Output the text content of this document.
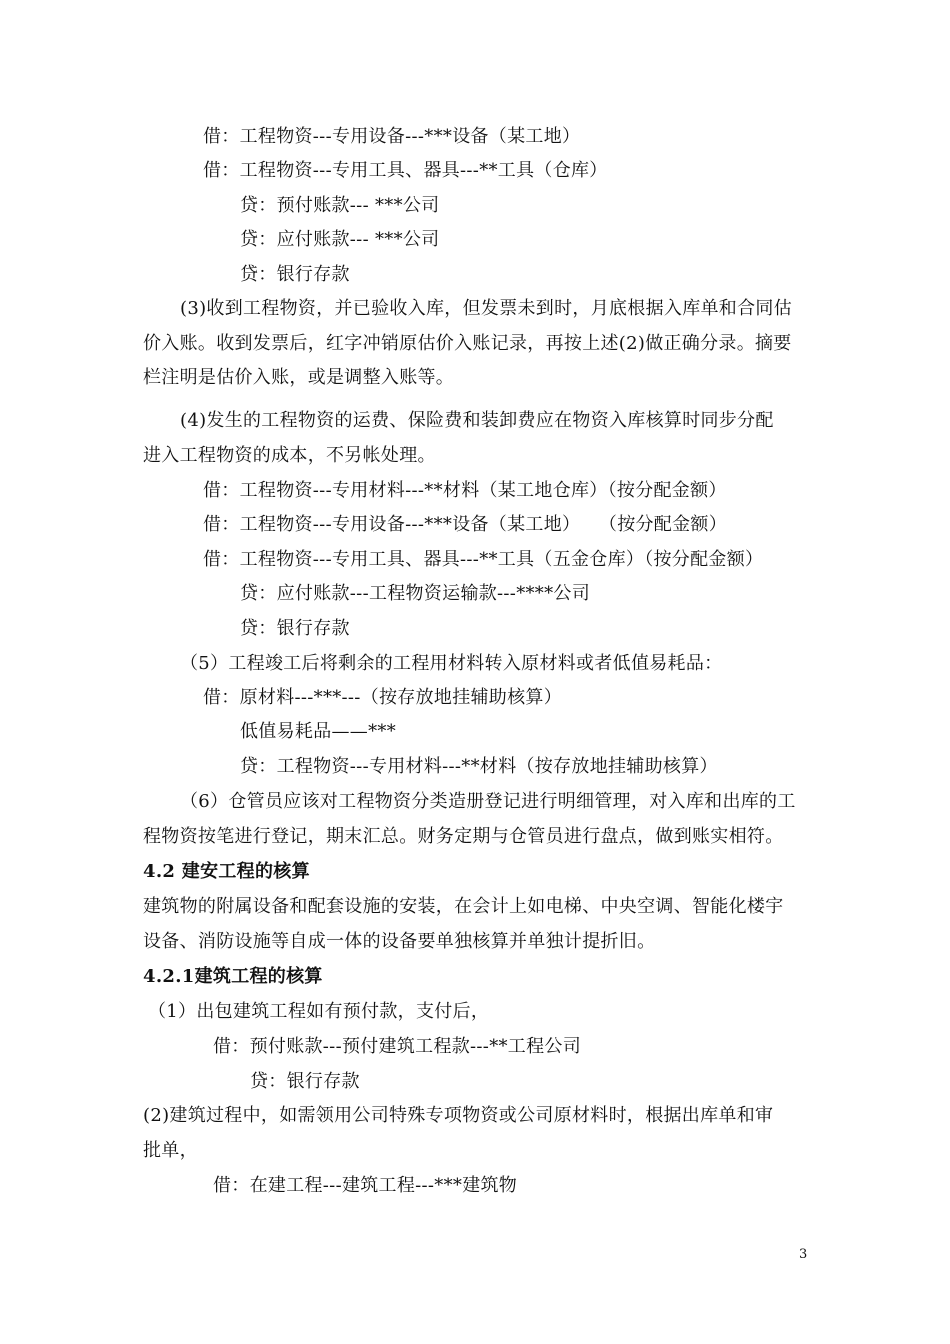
借：工程物资---专用设备---***设备（某工地）
借：工程物资---专用工具、器具---**工具（仓库）
贷：预付账款--- ***公司
贷：应付账款--- ***公司
贷：银行存款
(3)收到工程物资，并已验收入库，但发票未到时，月底根据入库单和合同估
价入账。收到发票后，红字冲销原估价入账记录，再按上述(2)做正确分录。摘要
栏注明是估价入账，或是调整入账等。
(4)发生的工程物资的运费、保险费和装卸费应在物资入库核算时同步分配
进入工程物资的成本，不另帐处理。
借：工程物资---专用材料---**材料（某工地仓库）（按分配金额）
借：工程物资---专用设备---***设备（某工地）　　（按分配金额）
借：工程物资---专用工具、器具---**工具（五金仓库）（按分配金额）
贷：应付账款---工程物资运输款---****公司
贷：银行存款
（5）工程竣工后将剩余的工程用材料转入原材料或者低值易耗品：
借：原材料---***---（按存放地挂辅助核算）
低值易耗品——***
贷：工程物资---专用材料---**材料（按存放地挂辅助核算）
（6）仓管员应该对工程物资分类造册登记进行明细管理，对入库和出库的工
程物资按笔进行登记，期末汇总。财务定期与仓管员进行盘点，做到账实相符。
4.2 建安工程的核算
建筑物的附属设备和配套设施的安装，在会计上如电梯、中央空调、智能化楼宇
设备、消防设施等自成一体的设备要单独核算并单独计提折旧。
4.2.1建筑工程的核算
（1）出包建筑工程如有预付款，支付后，
借：预付账款---预付建筑工程款---**工程公司
贷：银行存款
(2)建筑过程中，如需领用公司特殊专项物资或公司原材料时，根据出库单和审
批单，
借：在建工程---建筑工程---***建筑物
3
